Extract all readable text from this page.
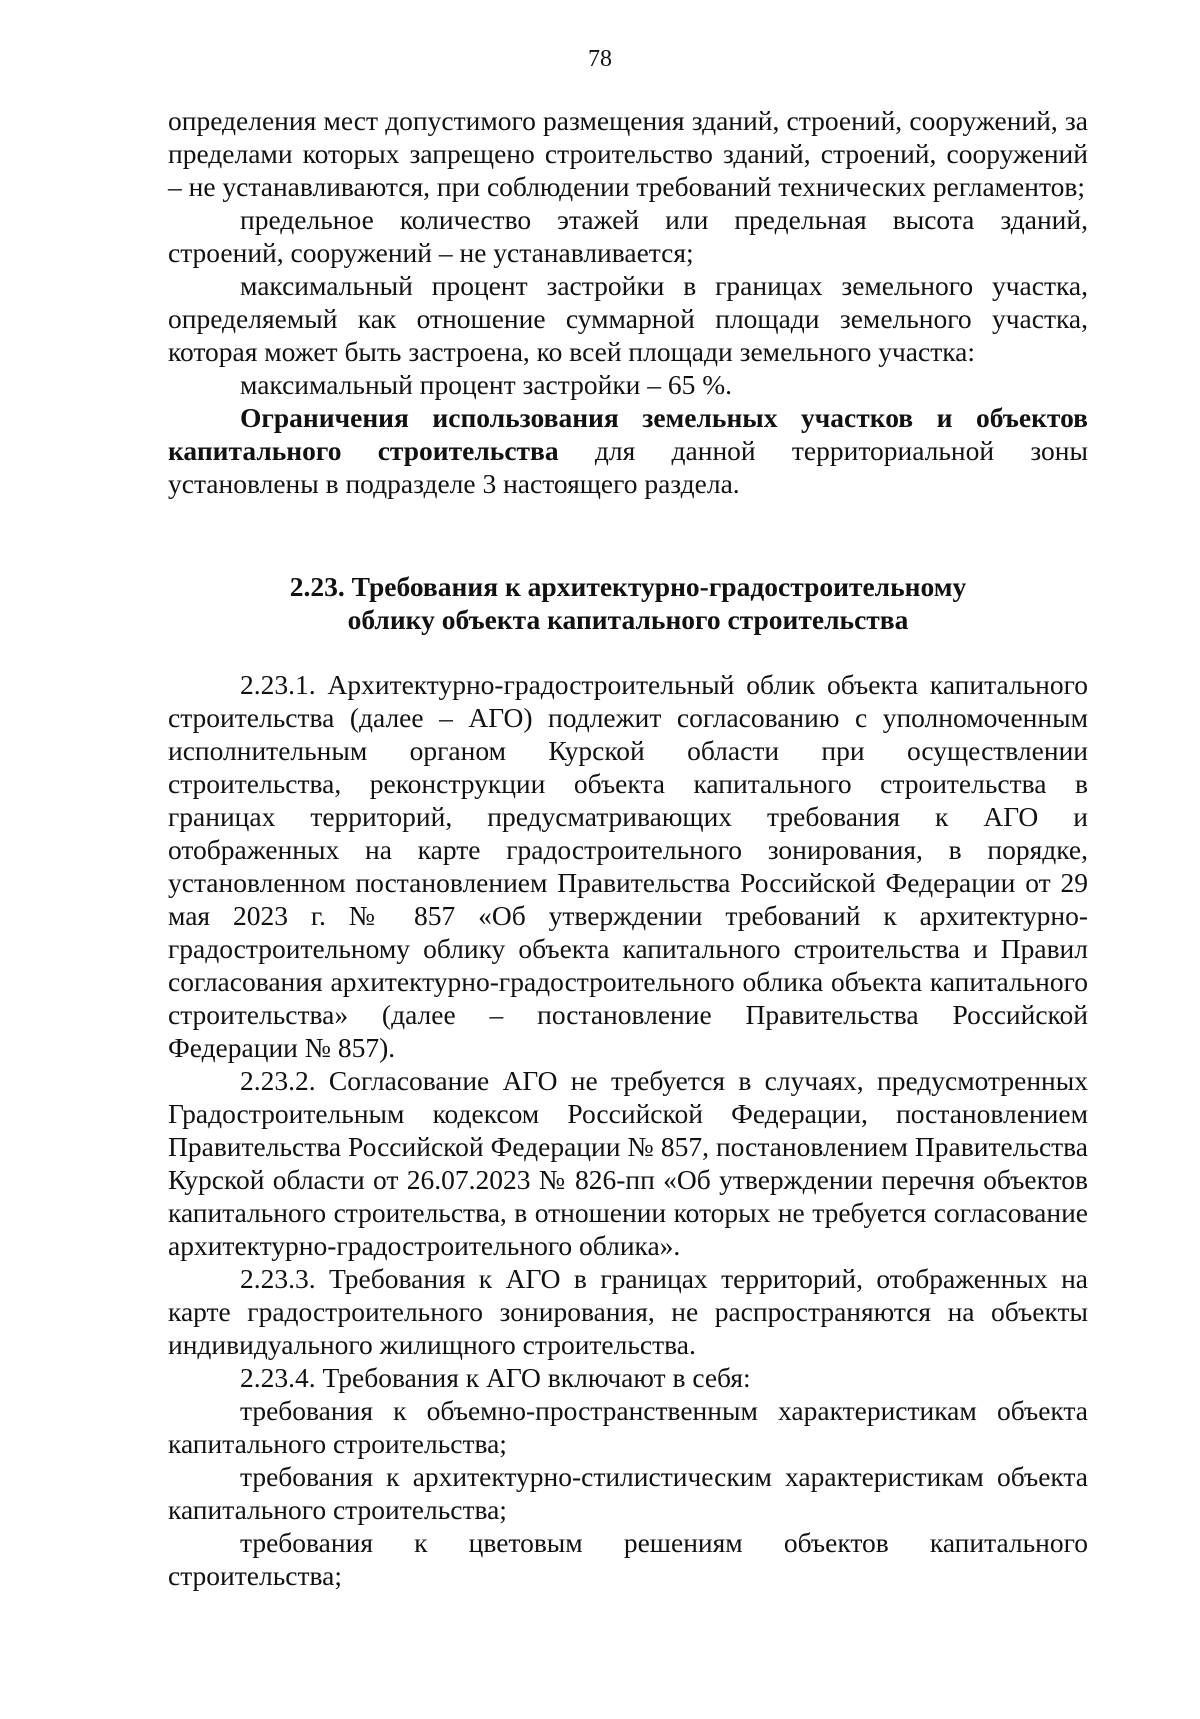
78

определения мест допустимого размещения зданий, строений, сооружений, за пределами которых запрещено строительство зданий, строений, сооружений – не устанавливаются, при соблюдении требований технических регламентов;

предельное количество этажей или предельная высота зданий, строений, сооружений – не устанавливается;

максимальный процент застройки в границах земельного участка, определяемый как отношение суммарной площади земельного участка, которая может быть застроена, ко всей площади земельного участка:

максимальный процент застройки – 65 %.

Ограничения использования земельных участков и объектов капитального строительства для данной территориальной зоны установлены в подразделе 3 настоящего раздела.

2.23. Требования к архитектурно-градостроительному
облику объекта капитального строительства

2.23.1. Архитектурно-градостроительный облик объекта капитального строительства (далее – АГО) подлежит согласованию с уполномоченным исполнительным органом Курской области при осуществлении строительства, реконструкции объекта капитального строительства в границах территорий, предусматривающих требования к АГО и отображенных на карте градостроительного зонирования, в порядке, установленном постановлением Правительства Российской Федерации от 29 мая 2023 г. № 857 «Об утверждении требований к архитектурно-градостроительному облику объекта капитального строительства и Правил согласования архитектурно-градостроительного облика объекта капитального строительства» (далее – постановление Правительства Российской Федерации № 857).

2.23.2. Согласование АГО не требуется в случаях, предусмотренных Градостроительным кодексом Российской Федерации, постановлением Правительства Российской Федерации № 857, постановлением Правительства Курской области от 26.07.2023 № 826-пп «Об утверждении перечня объектов капитального строительства, в отношении которых не требуется согласование архитектурно-градостроительного облика».

2.23.3. Требования к АГО в границах территорий, отображенных на карте градостроительного зонирования, не распространяются на объекты индивидуального жилищного строительства.

2.23.4. Требования к АГО включают в себя:

требования к объемно-пространственным характеристикам объекта капитального строительства;

требования к архитектурно-стилистическим характеристикам объекта капитального строительства;

требования к цветовым решениям объектов капитального строительства;
